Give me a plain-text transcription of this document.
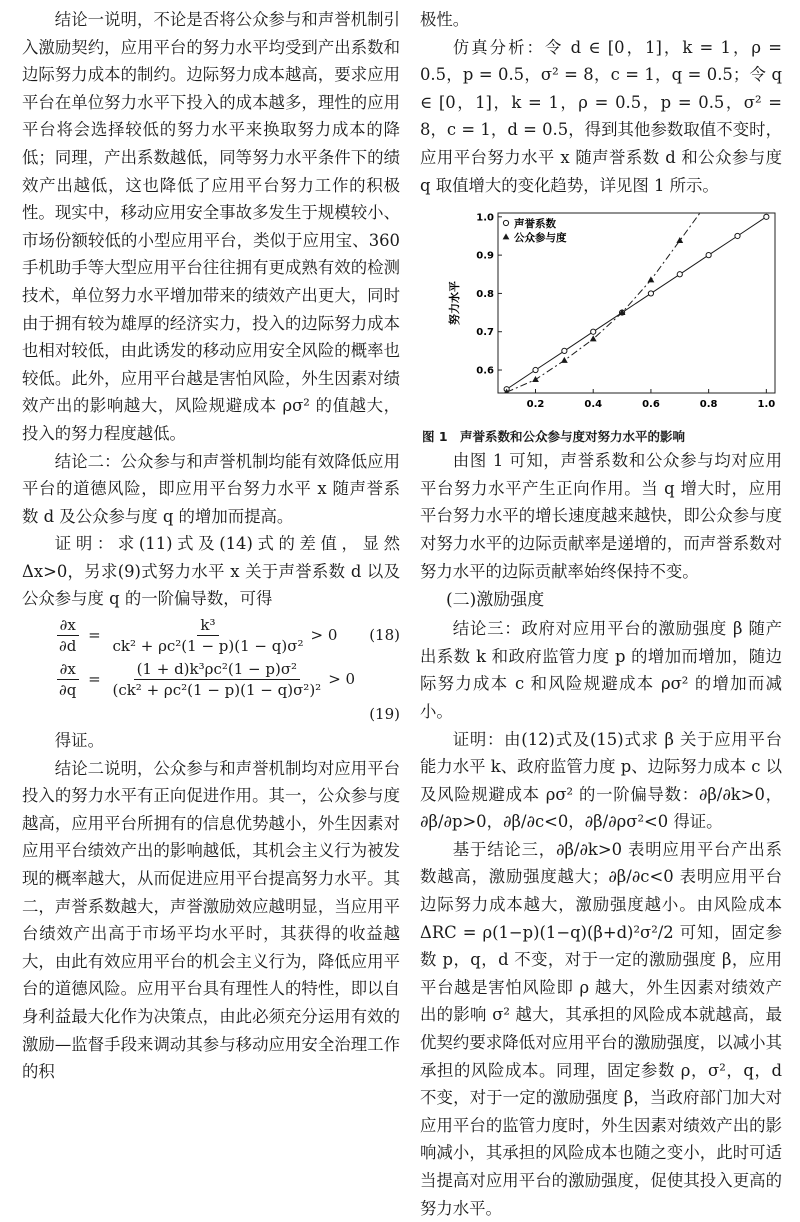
结论一说明，不论是否将公众参与和声誉机制引入激励契约，应用平台的努力水平均受到产出系数和边际努力成本的制约。边际努力成本越高，要求应用平台在单位努力水平下投入的成本越多，理性的应用平台将会选择较低的努力水平来换取努力成本的降低；同理，产出系数越低，同等努力水平条件下的绩效产出越低，这也降低了应用平台努力工作的积极性。现实中，移动应用安全事故多发生于规模较小、市场份额较低的小型应用平台，类似于应用宝、360 手机助手等大型应用平台往往拥有更成熟有效的检测技术，单位努力水平增加带来的绩效产出更大，同时由于拥有较为雄厚的经济实力，投入的边际努力成本也相对较低，由此诱发的移动应用安全风险的概率也较低。此外，应用平台越是害怕风险，外生因素对绩效产出的影响越大，风险规避成本 ρσ² 的值越大，投入的努力程度越低。

结论二：公众参与和声誉机制均能有效降低应用平台的道德风险，即应用平台努力水平 x 随声誉系数 d 及公众参与度 q 的增加而提高。

证明：求(11)式及(14)式的差值，显然 Δx>0，另求(9)式努力水平 x 关于声誉系数 d 以及公众参与度 q 的一阶偏导数，可得

$\frac{\partial x}{\partial d} = \frac{\text{k³}}{\text{ck² + ρc²(1 − p)(1 − q)σ²}} > 0$ (18)
$\frac{\partial x}{\partial q} = \frac{\text{(1 + d)k³ρc²(1 − p)σ²}}{\text{(ck² + ρc²(1 − p)(1 − q)σ²)²}} > 0$

(19)

得证。

结论二说明，公众参与和声誉机制均对应用平台投入的努力水平有正向促进作用。其一，公众参与度越高，应用平台所拥有的信息优势越小，外生因素对应用平台绩效产出的影响越低，其机会主义行为被发现的概率越大，从而促进应用平台提高努力水平。其二，声誉系数越大，声誉激励效应越明显，当应用平台绩效产出高于市场平均水平时，其获得的收益越大，由此有效应用平台的机会主义行为，降低应用平台的道德风险。应用平台具有理性人的特性，即以自身利益最大化作为决策点，由此必须充分运用有效的激励—监督手段来调动其参与移动应用安全治理工作的积

极性。

仿真分析：令 d ∈ [0，1]，k = 1，ρ = 0.5，p = 0.5，σ² = 8，c = 1，q = 0.5；令 q ∈ [0，1]，k = 1，ρ = 0.5，p = 0.5，σ² = 8，c = 1，d = 0.5，得到其他参数取值不变时，应用平台努力水平 x 随声誉系数 d 和公众参与度 q 取值增大的变化趋势，详见图 1 所示。

0.2	0.4	0.6	0.8	1.0
0.6
0.7
0.8
0.9
1.0
努力水平
声誉系数
公众参与度

图 1　声誉系数和公众参与度对努力水平的影响

由图 1 可知，声誉系数和公众参与均对应用平台努力水平产生正向作用。当 q 增大时，应用平台努力水平的增长速度越来越快，即公众参与度对努力水平的边际贡献率是递增的，而声誉系数对努力水平的边际贡献率始终保持不变。

(二)激励强度

结论三：政府对应用平台的激励强度 β 随产出系数 k 和政府监管力度 p 的增加而增加，随边际努力成本 c 和风险规避成本 ρσ² 的增加而减小。

证明：由(12)式及(15)式求 β 关于应用平台能力水平 k、政府监管力度 p、边际努力成本 c 以及风险规避成本 ρσ² 的一阶偏导数：∂β/∂k>0，∂β/∂p>0，∂β/∂c<0，∂β/∂ρσ²<0 得证。

基于结论三，∂β/∂k>0 表明应用平台产出系数越高，激励强度越大；∂β/∂c<0 表明应用平台边际努力成本越大，激励强度越小。由风险成本 ΔRC = ρ(1−p)(1−q)(β+d)²σ²/2 可知，固定参数 p，q，d 不变，对于一定的激励强度 β，应用平台越是害怕风险即 ρ 越大，外生因素对绩效产出的影响 σ² 越大，其承担的风险成本就越高，最优契约要求降低对应用平台的激励强度，以减小其承担的风险成本。同理，固定参数 ρ，σ²，q，d 不变，对于一定的激励强度 β，当政府部门加大对应用平台的监管力度时，外生因素对绩效产出的影响减小，其承担的风险成本也随之变小，此时可适当提高对应用平台的激励强度，促使其投入更高的努力水平。
